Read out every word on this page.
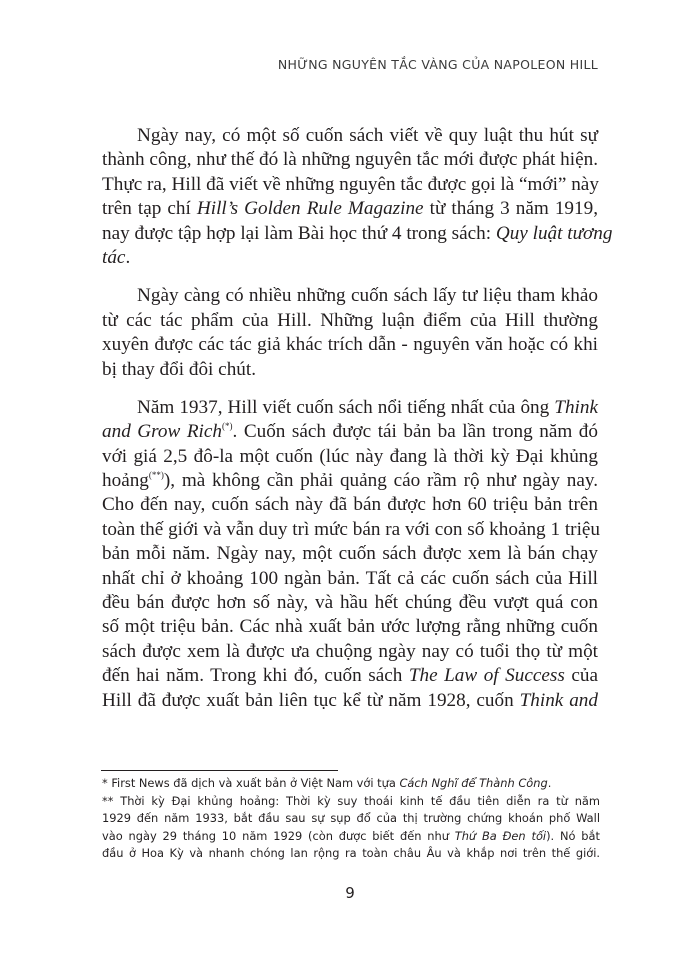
NHỮNG NGUYÊN TẮC VÀNG CỦA NAPOLEON HILL
Ngày nay, có một số cuốn sách viết về quy luật thu hút sự
thành công, như thế đó là những nguyên tắc mới được phát hiện.
Thực ra, Hill đã viết về những nguyên tắc được gọi là “mới” này
trên tạp chí Hill’s Golden Rule Magazine từ tháng 3 năm 1919,
nay được tập hợp lại làm Bài học thứ 4 trong sách: Quy luật tương
tác.
Ngày càng có nhiều những cuốn sách lấy tư liệu tham khảo
từ các tác phẩm của Hill. Những luận điểm của Hill thường
xuyên được các tác giả khác trích dẫn - nguyên văn hoặc có khi
bị thay đổi đôi chút.
Năm 1937, Hill viết cuốn sách nổi tiếng nhất của ông Think
and Grow Rich(*). Cuốn sách được tái bản ba lần trong năm đó
với giá 2,5 đô-la một cuốn (lúc này đang là thời kỳ Đại khủng
hoảng(**)), mà không cần phải quảng cáo rầm rộ như ngày nay.
Cho đến nay, cuốn sách này đã bán được hơn 60 triệu bản trên
toàn thế giới và vẫn duy trì mức bán ra với con số khoảng 1 triệu
bản mỗi năm. Ngày nay, một cuốn sách được xem là bán chạy
nhất chỉ ở khoảng 100 ngàn bản. Tất cả các cuốn sách của Hill
đều bán được hơn số này, và hầu hết chúng đều vượt quá con
số một triệu bản. Các nhà xuất bản ước lượng rằng những cuốn
sách được xem là được ưa chuộng ngày nay có tuổi thọ từ một
đến hai năm. Trong khi đó, cuốn sách The Law of Success của
Hill đã được xuất bản liên tục kể từ năm 1928, cuốn Think and
* First News đã dịch và xuất bản ở Việt Nam với tựa Cách Nghĩ để Thành Công.
** Thời kỳ Đại khủng hoảng: Thời kỳ suy thoái kinh tế đầu tiên diễn ra từ năm
1929 đến năm 1933, bắt đầu sau sự sụp đổ của thị trường chứng khoán phố Wall
vào ngày 29 tháng 10 năm 1929 (còn được biết đến như Thứ Ba Đen tối). Nó bắt
đầu ở Hoa Kỳ và nhanh chóng lan rộng ra toàn châu Âu và khắp nơi trên thế giới.
9
